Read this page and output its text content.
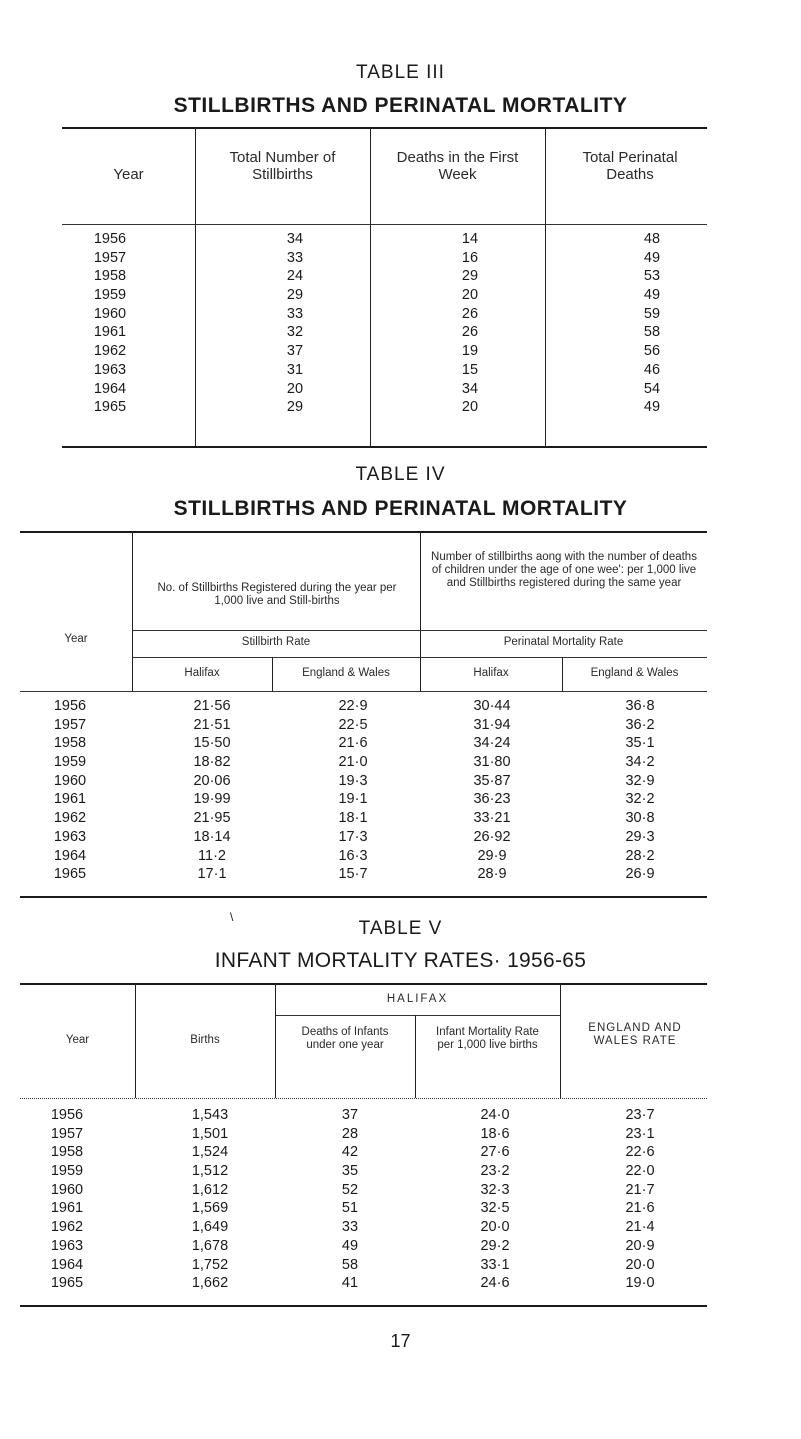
TABLE III
STILLBIRTHS AND PERINATAL MORTALITY
Year
Total Number of Stillbirths
Deaths in the First Week
Total Perinatal Deaths
1956	34	14	48
1957	33	16	49
1958	24	29	53
1959	29	20	49
1960	33	26	59
1961	32	26	58
1962	37	19	56
1963	31	15	46
1964	20	34	54
1965	29	20	49
TABLE IV
STILLBIRTHS AND PERINATAL MORTALITY
Year
No. of Stillbirths Registered during the year per 1,000 live and Still-births
Number of stillbirths aong with the number of deaths of children under the age of one wee': per 1,000 live and Stillbirths registered during the same year
Stillbirth Rate	Perinatal Mortality Rate
Halifax	England & Wales	Halifax	England & Wales
1956	21·56	22·9	30·44	36·8
1957	21·51	22·5	31·94	36·2
1958	15·50	21·6	34·24	35·1
1959	18·82	21·0	31·80	34·2
1960	20·06	19·3	35·87	32·9
1961	19·99	19·1	36·23	32·2
1962	21·95	18·1	33·21	30·8
1963	18·14	17·3	26·92	29·3
1964	11·2	16·3	29·9	28·2
1965	17·1	15·7	28·9	26·9
\
TABLE V
INFANT MORTALITY RATES· 1956-65
Year	Births
HALIFAX
Deaths of Infants under one year
Infant Mortality Rate per 1,000 live births
ENGLAND AND WALES RATE
1956	1,543	37	24·0	23·7
1957	1,501	28	18·6	23·1
1958	1,524	42	27·6	22·6
1959	1,512	35	23·2	22·0
1960	1,612	52	32·3	21·7
1961	1,569	51	32·5	21·6
1962	1,649	33	20·0	21·4
1963	1,678	49	29·2	20·9
1964	1,752	58	33·1	20·0
1965	1,662	41	24·6	19·0
17
